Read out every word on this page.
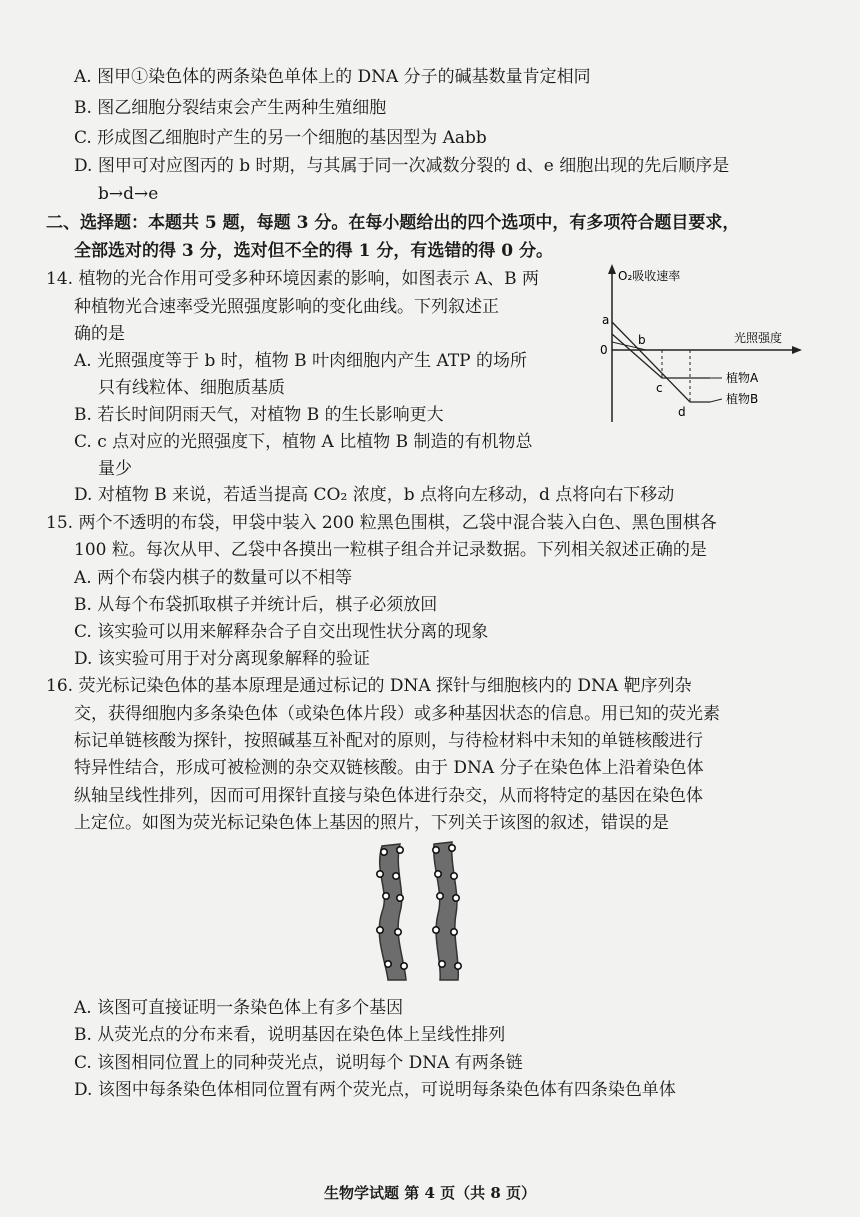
A. 图甲①染色体的两条染色单体上的 DNA 分子的碱基数量肯定相同
B. 图乙细胞分裂结束会产生两种生殖细胞
C. 形成图乙细胞时产生的另一个细胞的基因型为 Aabb
D. 图甲可对应图丙的 b 时期，与其属于同一次减数分裂的 d、e 细胞出现的先后顺序是
b→d→e
二、选择题：本题共 5 题，每题 3 分。在每小题给出的四个选项中，有多项符合题目要求，
全部选对的得 3 分，选对但不全的得 1 分，有选错的得 0 分。
14. 植物的光合作用可受多种环境因素的影响，如图表示 A、B 两
种植物光合速率受光照强度影响的变化曲线。下列叙述正
确的是
A. 光照强度等于 b 时，植物 B 叶肉细胞内产生 ATP 的场所
只有线粒体、细胞质基质
B. 若长时间阴雨天气，对植物 B 的生长影响更大
C. c 点对应的光照强度下，植物 A 比植物 B 制造的有机物总
量少
D. 对植物 B 来说，若适当提高 CO₂ 浓度，b 点将向左移动，d 点将向右下移动
O₂吸收速率
光照强度
0
a
b
c
d
植物A
植物B
15. 两个不透明的布袋，甲袋中装入 200 粒黑色围棋，乙袋中混合装入白色、黑色围棋各
100 粒。每次从甲、乙袋中各摸出一粒棋子组合并记录数据。下列相关叙述正确的是
A. 两个布袋内棋子的数量可以不相等
B. 从每个布袋抓取棋子并统计后，棋子必须放回
C. 该实验可以用来解释杂合子自交出现性状分离的现象
D. 该实验可用于对分离现象解释的验证
16. 荧光标记染色体的基本原理是通过标记的 DNA 探针与细胞核内的 DNA 靶序列杂
交，获得细胞内多条染色体（或染色体片段）或多种基因状态的信息。用已知的荧光素
标记单链核酸为探针，按照碱基互补配对的原则，与待检材料中未知的单链核酸进行
特异性结合，形成可被检测的杂交双链核酸。由于 DNA 分子在染色体上沿着染色体
纵轴呈线性排列，因而可用探针直接与染色体进行杂交，从而将特定的基因在染色体
上定位。如图为荧光标记染色体上基因的照片，下列关于该图的叙述，错误的是
A. 该图可直接证明一条染色体上有多个基因
B. 从荧光点的分布来看，说明基因在染色体上呈线性排列
C. 该图相同位置上的同种荧光点，说明每个 DNA 有两条链
D. 该图中每条染色体相同位置有两个荧光点，可说明每条染色体有四条染色单体
生物学试题 第 4 页（共 8 页）
